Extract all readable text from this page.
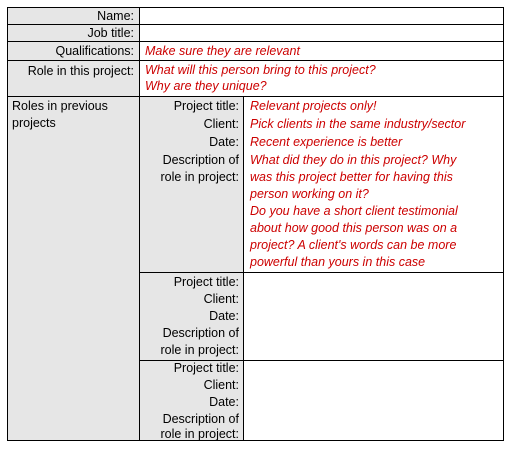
Name:
Job title:
Qualifications: Make sure they are relevant
Role in this project: What will this person bring to this project?
Why are they unique?
Roles in previous
projects
Project title:
Client:
Date:
Description of
role in project:
Relevant projects only!
Pick clients in the same industry/sector
Recent experience is better
What did they do in this project? Why
was this project better for having this
person working on it?
Do you have a short client testimonial
about how good this person was on a
project? A client's words can be more
powerful than yours in this case
Project title:
Client:
Date:
Description of
role in project:
Project title:
Client:
Date:
Description of
role in project:
